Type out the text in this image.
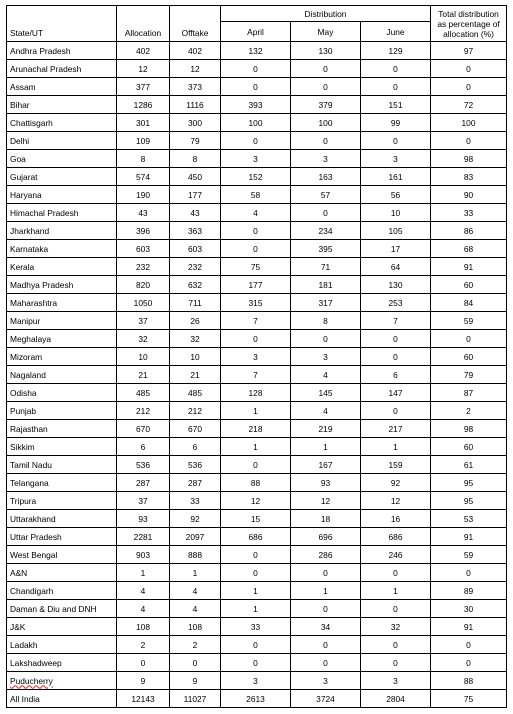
State/UT	Allocation	Offtake	Distribution			Total distribution as percentage of allocation (%)
			April	May	June	
Andhra Pradesh	402	402	132	130	129	97
Arunachal Pradesh	12	12	0	0	0	0
Assam	377	373	0	0	0	0
Bihar	1286	1116	393	379	151	72
Chattisgarh	301	300	100	100	99	100
Delhi	109	79	0	0	0	0
Goa	8	8	3	3	3	98
Gujarat	574	450	152	163	161	83
Haryana	190	177	58	57	56	90
Himachal Pradesh	43	43	4	0	10	33
Jharkhand	396	363	0	234	105	86
Karnataka	603	603	0	395	17	68
Kerala	232	232	75	71	64	91
Madhya Pradesh	820	632	177	181	130	60
Maharashtra	1050	711	315	317	253	84
Manipur	37	26	7	8	7	59
Meghalaya	32	32	0	0	0	0
Mizoram	10	10	3	3	0	60
Nagaland	21	21	7	4	6	79
Odisha	485	485	128	145	147	87
Punjab	212	212	1	4	0	2
Rajasthan	670	670	218	219	217	98
Sikkim	6	6	1	1	1	60
Tamil Nadu	536	536	0	167	159	61
Telangana	287	287	88	93	92	95
Tripura	37	33	12	12	12	95
Uttarakhand	93	92	15	18	16	53
Uttar Pradesh	2281	2097	686	696	686	91
West Bengal	903	888	0	286	246	59
A&N	1	1	0	0	0	0
Chandigarh	4	4	1	1	1	89
Daman & Diu and DNH	4	4	1	0	0	30
J&K	108	108	33	34	32	91
Ladakh	2	2	0	0	0	0
Lakshadweep	0	0	0	0	0	0
Puducherry	9	9	3	3	3	88
All India	12143	11027	2613	3724	2804	75
